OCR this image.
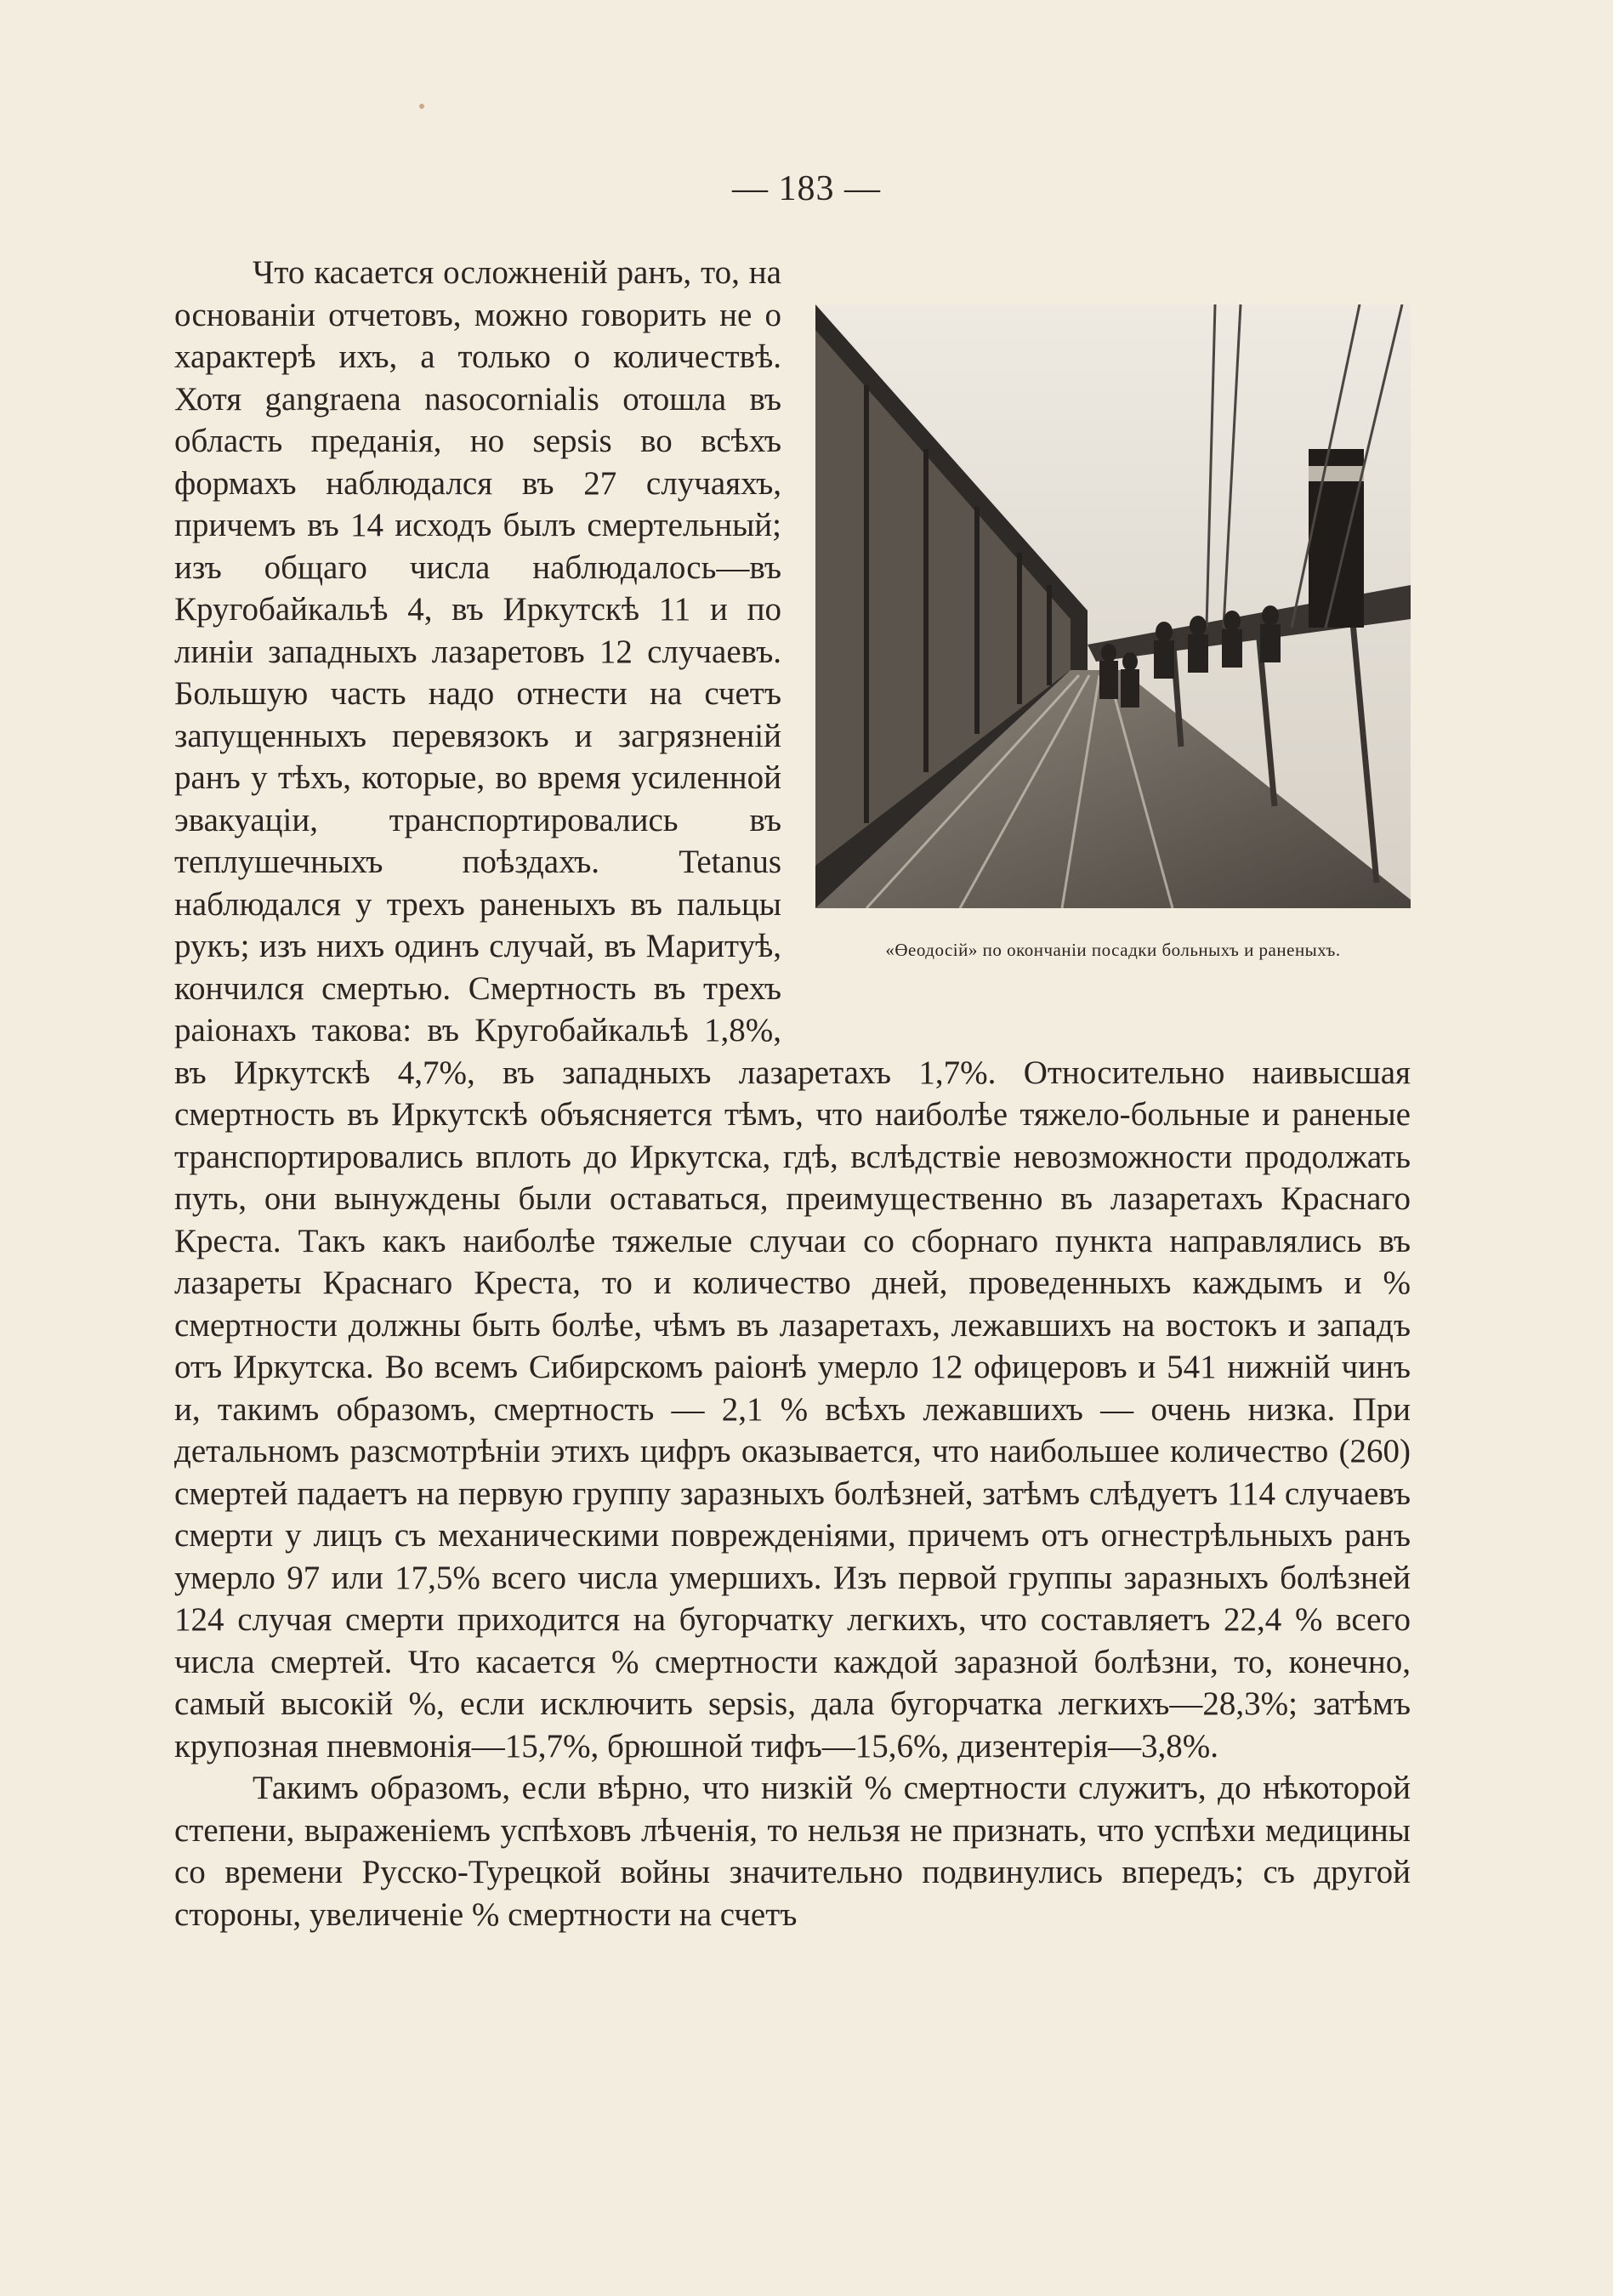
— 183 —
«Өеодосій» по окончаніи посадки больныхъ и раненыхъ.

Что касается осложненій ранъ, то, на основаніи отчетовъ, можно говорить не о характерѣ ихъ, а только о количествѣ. Хотя gangraena nasocornialis отошла въ область преданія, но sepsis во всѣхъ формахъ наблюдался въ 27 случаяхъ, причемъ въ 14 исходъ былъ смертельный; изъ общаго числа наблюдалось—въ Кругобайкальѣ 4, въ Иркутскѣ 11 и по линіи западныхъ лазаретовъ 12 случаевъ. Большую часть надо отнести на счетъ запущенныхъ перевязокъ и загрязненій ранъ у тѣхъ, которые, во время усиленной эвакуаціи, транспортировались въ теплушечныхъ поѣздахъ. Tetanus наблюдался у трехъ раненыхъ въ пальцы рукъ; изъ нихъ одинъ случай, въ Маритуѣ, кончился смертью. Смертность въ трехъ раіонахъ такова: въ Кругобайкальѣ 1,8%, въ Иркутскѣ 4,7%, въ западныхъ лазаретахъ 1,7%. Относительно наивысшая смертность въ Иркутскѣ объясняется тѣмъ, что наиболѣе тяжело-больные и раненые транспортировались вплоть до Иркутска, гдѣ, вслѣдствіе невозможности продолжать путь, они вынуждены были оставаться, преимущественно въ лазаретахъ Краснаго Креста. Такъ какъ наиболѣе тяжелые случаи со сборнаго пункта направлялись въ лазареты Краснаго Креста, то и количество дней, проведенныхъ каждымъ и % смертности должны быть болѣе, чѣмъ въ лазаретахъ, лежавшихъ на востокъ и западъ отъ Иркутска. Во всемъ Сибирскомъ раіонѣ умерло 12 офицеровъ и 541 нижній чинъ и, такимъ образомъ, смертность — 2,1 % всѣхъ лежавшихъ — очень низка. При детальномъ разсмотрѣніи этихъ цифръ оказывается, что наибольшее количество (260) смертей падаетъ на первую группу заразныхъ болѣзней, затѣмъ слѣдуетъ 114 случаевъ смерти у лицъ съ механическими поврежденіями, причемъ отъ огнестрѣльныхъ ранъ умерло 97 или 17,5% всего числа умершихъ. Изъ первой группы заразныхъ болѣзней 124 случая смерти приходится на бугорчатку легкихъ, что составляетъ 22,4 % всего числа смертей. Что касается % смертности каждой заразной болѣзни, то, конечно, самый высокій %, если исключить sepsis, дала бугорчатка легкихъ—28,3%; затѣмъ крупозная пневмонія—15,7%, брюшной тифъ—15,6%, дизентерія—3,8%.

Такимъ образомъ, если вѣрно, что низкій % смертности служитъ, до нѣкоторой степени, выраженіемъ успѣховъ лѣченія, то нельзя не признать, что успѣхи медицины со времени Русско-Турецкой войны значительно подвинулись впередъ; съ другой стороны, увеличеніе % смертности на счетъ
